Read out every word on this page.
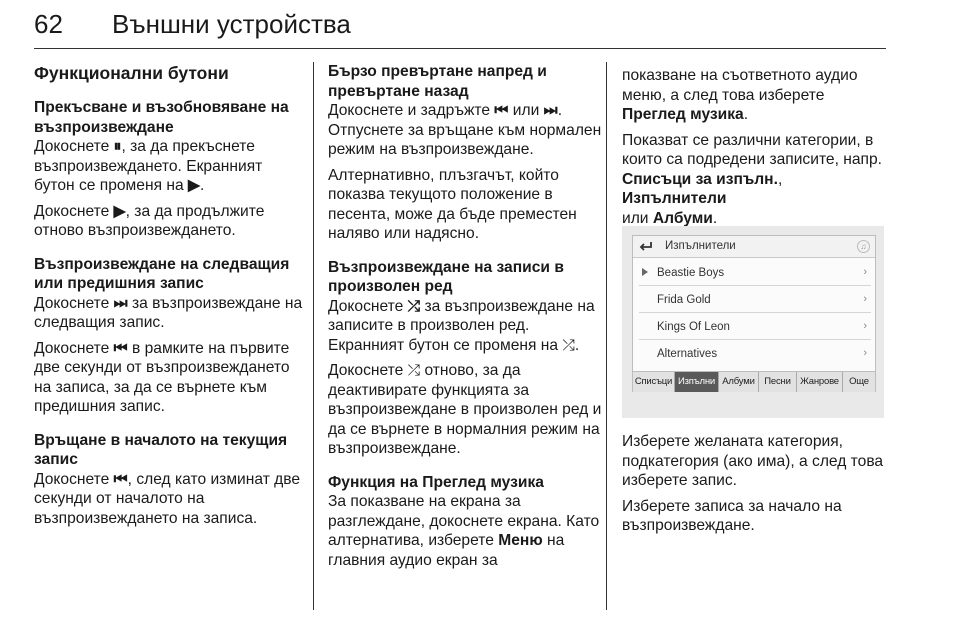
62 Външни устройства

Функционални бутони

Прекъсване и възобновяване на възпроизвеждане

Докоснете ⏸, за да прекъснете възпроизвеждането. Екранният бутон се променя на ▶.

Докоснете ▶, за да продължите отново възпроизвеждането.

Възпроизвеждане на следващия или предишния запис

Докоснете ⏭ за възпроизвеждане на следващия запис.

Докоснете ⏮ в рамките на първите две секунди от възпроизвеждането на записа, за да се върнете към предишния запис.

Връщане в началото на текущия запис

Докоснете ⏮, след като изминат две секунди от началото на възпроизвеждането на записа.

Бързо превъртане напред и превъртане назад

Докоснете и задръжте ⏮ или ⏭. Отпуснете за връщане към нормален режим на възпроизвеждане.

Алтернативно, плъзгачът, който показва текущото положение в песента, може да бъде преместен наляво или надясно.

Възпроизвеждане на записи в произволен ред

Докоснете ⤮ за възпроизвеждане на записите в произволен ред. Екранният бутон се променя на ⤮.

Докоснете ⤮ отново, за да деактивирате функцията за възпроизвеждане в произволен ред и да се върнете в нормалния режим на възпроизвеждане.

Функция на Преглед музика

За показване на екрана за разглеждане, докоснете екрана. Като алтернатива, изберете Меню на главния аудио екран за

показване на съответното аудио меню, а след това изберете
Преглед музика.

Показват се различни категории, в които са подредени записите, напр.
Списъци за изпълн., Изпълнители
или Албуми.

Изберете желаната категория, подкатегория (ако има), а след това изберете запис.

Изберете записа за начало на възпроизвеждане.

Изпълнители	♫
Beastie Boys	›
Frida Gold	›
Kings Of Leon	›
Alternatives	›
Списъци Изпълни Албуми	Песни Жанрове	Още
